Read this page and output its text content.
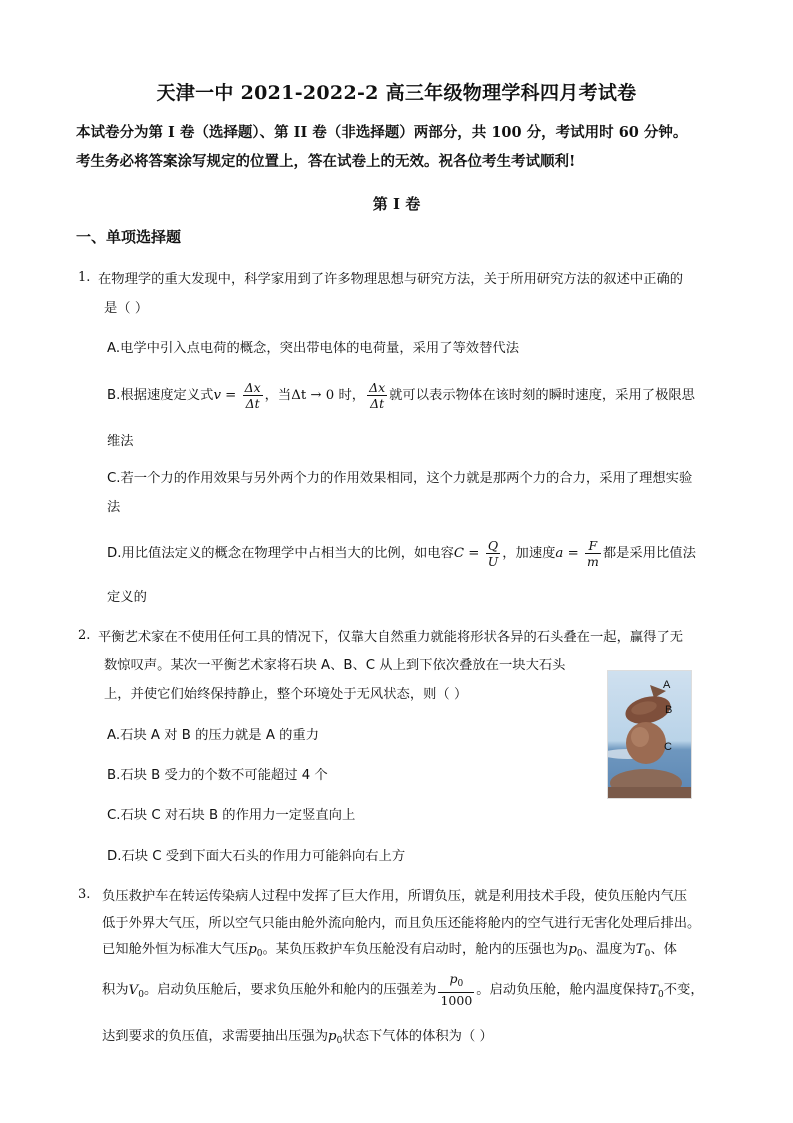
天津一中 2021-2022-2 高三年级物理学科四月考试卷
本试卷分为第 I 卷（选择题）、第 II 卷（非选择题）两部分，共 100 分，考试用时 60 分钟。
考生务必将答案涂写规定的位置上，答在试卷上的无效。祝各位考生考试顺利!
第 I 卷
一、单项选择题
1. 在物理学的重大发现中，科学家用到了许多物理思想与研究方法，关于所用研究方法的叙述中正确的
是（ ）
A.电学中引入点电荷的概念，突出带电体的电荷量，采用了等效替代法
B.根据速度定义式$v = \frac{\Delta x}{\Delta t}$ ，当Δt → 0 时， $\frac{\Delta x}{\Delta t}$ 就可以表示物体在该时刻的瞬时速度，采用了极限思
维法
C.若一个力的作用效果与另外两个力的作用效果相同，这个力就是那两个力的合力，采用了理想实验
法
D.用比值法定义的概念在物理学中占相当大的比例，如电容$C = \frac{Q}{U}$ ，加速度$a = \frac{F}{m}$ 都是采用比值法
定义的
2. 平衡艺术家在不使用任何工具的情况下，仅靠大自然重力就能将形状各异的石头叠在一起，赢得了无
数惊叹声。某次一平衡艺术家将石块 A、B、C 从上到下依次叠放在一块大石头
上，并使它们始终保持静止，整个环境处于无风状态，则（ ）
A.石块 A 对 B 的压力就是 A 的重力
B.石块 B 受力的个数不可能超过 4 个
C.石块 C 对石块 B 的作用力一定竖直向上
D.石块 C 受到下面大石头的作用力可能斜向右上方
A
B
C
3. 负压救护车在转运传染病人过程中发挥了巨大作用，所谓负压，就是利用技术手段，使负压舱内气压
低于外界大气压，所以空气只能由舱外流向舱内，而且负压还能将舱内的空气进行无害化处理后排出。
已知舱外恒为标准大气压$p_0$。某负压救护车负压舱没有启动时，舱内的压强也为$p_0$、温度为$T_0$、体
积为$V_0$。启动负压舱后，要求负压舱外和舱内的压强差为 $\frac{p_0}{1000}$ 。启动负压舱，舱内温度保持$T_0$不变，
达到要求的负压值，求需要抽出压强为$p_0$状态下气体的体积为（ ）
